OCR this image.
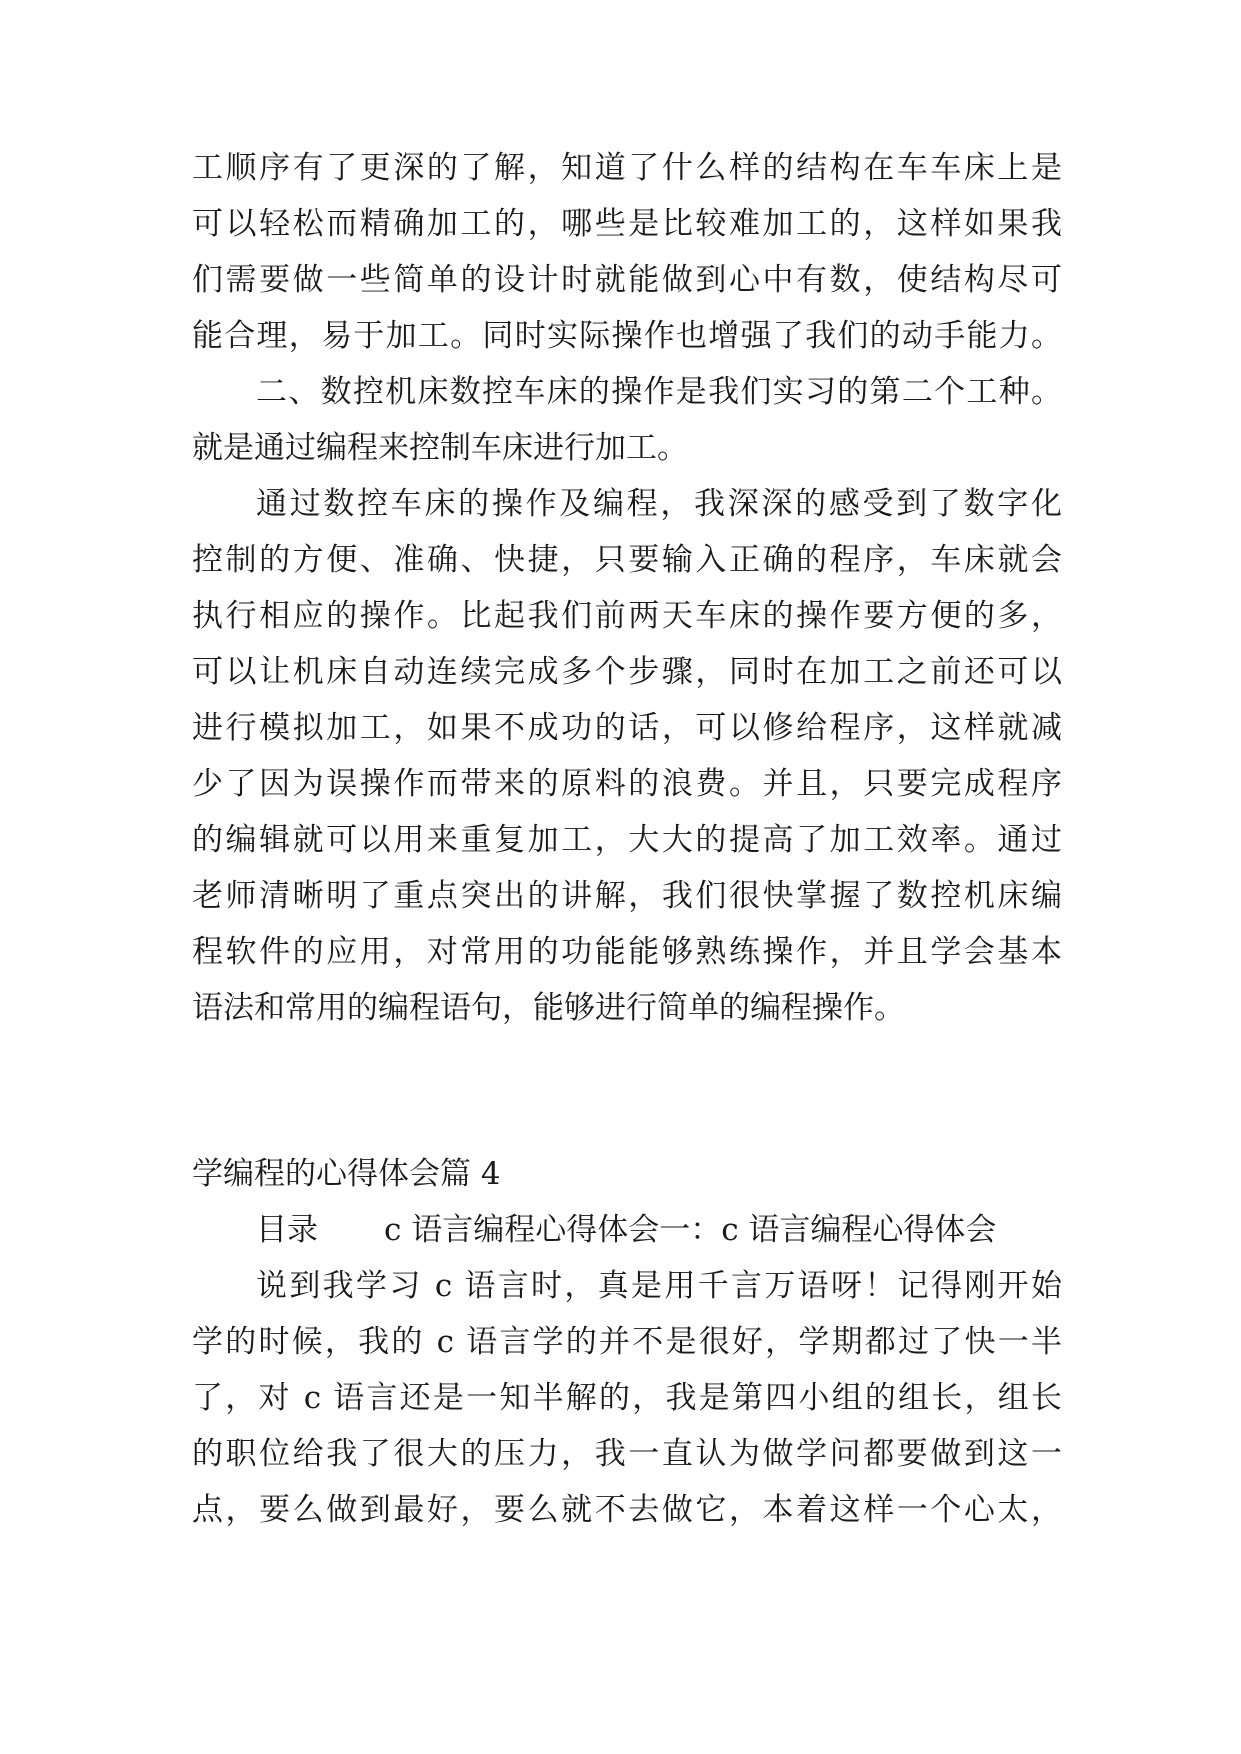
工顺序有了更深的了解，知道了什么样的结构在车车床上是

可以轻松而精确加工的，哪些是比较难加工的，这样如果我

们需要做一些简单的设计时就能做到心中有数，使结构尽可

能合理，易于加工。同时实际操作也增强了我们的动手能力。

二、数控机床数控车床的操作是我们实习的第二个工种。

就是通过编程来控制车床进行加工。

通过数控车床的操作及编程，我深深的感受到了数字化

控制的方便、准确、快捷，只要输入正确的程序，车床就会

执行相应的操作。比起我们前两天车床的操作要方便的多，

可以让机床自动连续完成多个步骤，同时在加工之前还可以

进行模拟加工，如果不成功的话，可以修给程序，这样就减

少了因为误操作而带来的原料的浪费。并且，只要完成程序

的编辑就可以用来重复加工，大大的提高了加工效率。通过

老师清晰明了重点突出的讲解，我们很快掌握了数控机床编

程软件的应用，对常用的功能能够熟练操作，并且学会基本

语法和常用的编程语句，能够进行简单的编程操作。

学编程的心得体会篇 4

目录 c 语言编程心得体会一：c 语言编程心得体会

说到我学习 c 语言时，真是用千言万语呀！记得刚开始

学的时候，我的 c 语言学的并不是很好，学期都过了快一半

了，对 c 语言还是一知半解的，我是第四小组的组长，组长

的职位给我了很大的压力，我一直认为做学问都要做到这一

点，要么做到最好，要么就不去做它，本着这样一个心太，
